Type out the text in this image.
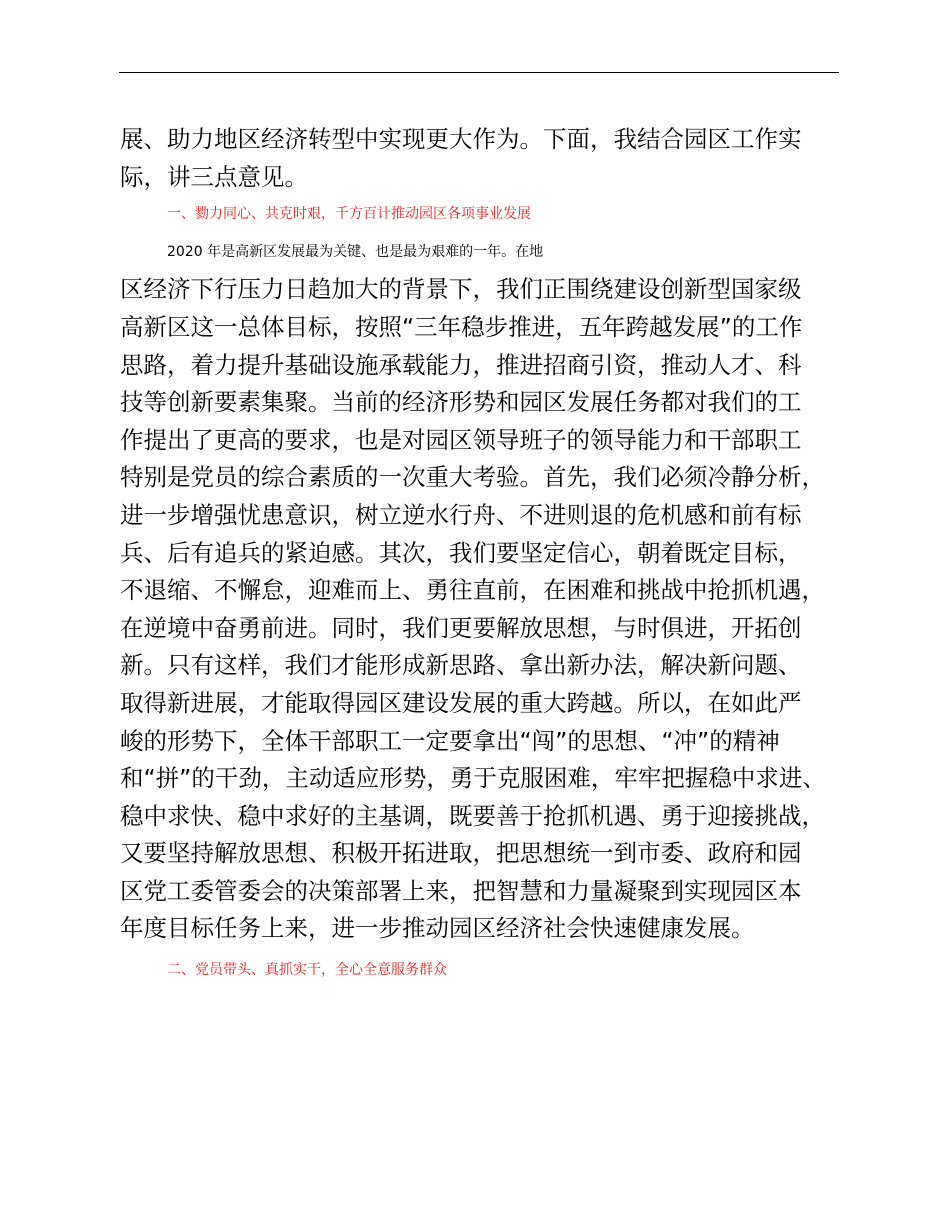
展、助力地区经济转型中实现更大作为。下面，我结合园区工作实
际，讲三点意见。
一、勠力同心、共克时艰，千方百计推动园区各项事业发展
2020 年是高新区发展最为关键、也是最为艰难的一年。在地
区经济下行压力日趋加大的背景下，我们正围绕建设创新型国家级
高新区这一总体目标，按照“三年稳步推进，五年跨越发展”的工作
思路，着力提升基础设施承载能力，推进招商引资，推动人才、科
技等创新要素集聚。当前的经济形势和园区发展任务都对我们的工
作提出了更高的要求，也是对园区领导班子的领导能力和干部职工
特别是党员的综合素质的一次重大考验。首先，我们必须冷静分析，
进一步增强忧患意识，树立逆水行舟、不进则退的危机感和前有标
兵、后有追兵的紧迫感。其次，我们要坚定信心，朝着既定目标，
不退缩、不懈怠，迎难而上、勇往直前，在困难和挑战中抢抓机遇，
在逆境中奋勇前进。同时，我们更要解放思想，与时俱进，开拓创
新。只有这样，我们才能形成新思路、拿出新办法，解决新问题、
取得新进展，才能取得园区建设发展的重大跨越。所以，在如此严
峻的形势下，全体干部职工一定要拿出“闯”的思想、“冲”的精神
和“拼”的干劲，主动适应形势，勇于克服困难，牢牢把握稳中求进、
稳中求快、稳中求好的主基调，既要善于抢抓机遇、勇于迎接挑战，
又要坚持解放思想、积极开拓进取，把思想统一到市委、政府和园
区党工委管委会的决策部署上来，把智慧和力量凝聚到实现园区本
年度目标任务上来，进一步推动园区经济社会快速健康发展。
二、党员带头、真抓实干，全心全意服务群众
